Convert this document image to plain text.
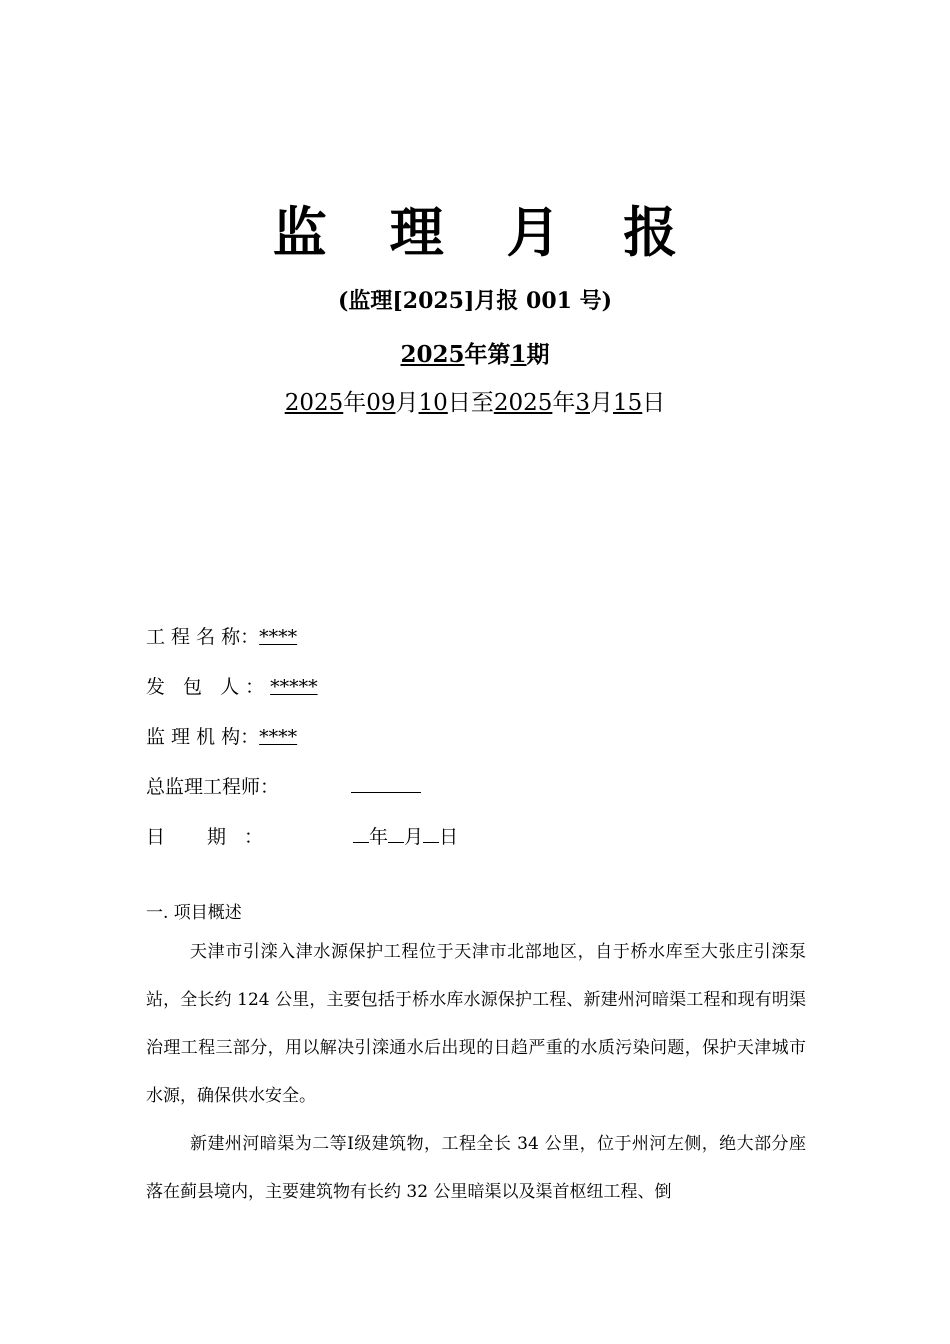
监 理 月 报
(监理[2025]月报 001 号)
2025年第1期
2025年09月10日至2025年3月15日
工 程 名 称：****
发 包 人：*****
监 理 机 构：****
总监理工程师：
日 期：	年 月 日
一. 项目概述
天津市引滦入津水源保护工程位于天津市北部地区，自于桥水库至大张庄引滦泵站，全长约 124 公里，主要包括于桥水库水源保护工程、新建州河暗渠工程和现有明渠治理工程三部分，用以解决引滦通水后出现的日趋严重的水质污染问题，保护天津城市水源，确保供水安全。
新建州河暗渠为二等Ⅰ级建筑物，工程全长 34 公里，位于州河左侧，绝大部分座落在蓟县境内，主要建筑物有长约 32 公里暗渠以及渠首枢纽工程、倒
